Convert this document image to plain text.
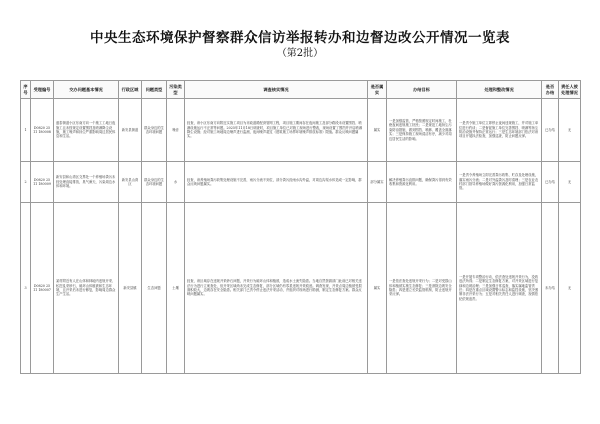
中央生态环境保护督察群众信访举报转办和边督边改公开情况一览表
（第2批）
序号	受理编号	交办问题基本情况	行政区域	问题类型	污染类型	调查核实情况	是否属实	办结目标	处理和整改情况	是否办结	责任人被处理情况
1	D0820 2511 180008	盛泰街道小区东南方向一个施工工地日夜施工且未按规定设置围挡及喷淋降尘设施，施工噪声和扬尘严重影响周边居民休息和生活。	新安县街道	群众身边的生态环境问题	噪音	经查，该小区东南方向附近实施工项目为市政道路配套管网工程，项目施工期间存在夜间施工及部分路段未设置围挡、喷淋设施运行不正常等问题。2025年11月18日调查时，项目施工单位已对施工现场进行整改，现场设置了围挡并开启喷淋降尘设施；经对施工场地周边噪声进行监测，夜间噪声超过《建筑施工场界环境噪声排放标准》限值。群众反映问题属实。	属实	一是加强监管，严格按照规定时间施工，杜绝夜间违规施工扰民；二是规范工地扬尘污染防治措施，做到围挡、喷淋、覆盖全面落实；三是保持施工现场清洁有序，减少对周边居民生活的影响。	一是责令施工单位立即停止夜间违规施工，并对施工单位进行约谈；二是督促施工单位完善围挡、喷淋等扬尘防治设施并保持正常运行；三是生态环境部门依法对该项目开展执法检查，加强巡查，防止问题反弹。	已办结	无
2	D0820 2511 180009	新安县和山湾区交界处一个养殖场粪污未经处理直接排放，臭气熏天，污染周边水体和环境。	新安县山湾区	群众身边的生态环境问题	水	经查，该养殖场粪污收集处理设施不完善，雨污分流不到位，部分粪污经雨水沟外溢，对周边沟渠水体造成一定影响，群众反映问题属实。	部分属实	解决养殖粪污直排问题，确保粪污得到有效收集和资源化利用。	一是责令养殖场立即完善粪污收集、贮存及处理设施，落实雨污分流；二是对外溢粪污及时清理；三是农业农村部门指导养殖场做好粪污资源化利用，加强日常监管。	已办结	无
3	D0820 2511 180007	某村附近有人在山体和林地内违规开采、私挖乱采砂石，破坏山体植被和生态环境，且开采后未进行修复，影响周边群众生产生活。	新安县镇	生态问题	土壤	经查，该区域存在违规开采砂石问题，开采行为破坏山体和植被，造成水土流失隐患。当地自然资源部门此前已对相关违法行为进行立案查处，但开采区域尚未完成生态修复，部分区域仍有零星违规开采痕迹。调查发现，开采点周边植被受损面积较大，边坡存在安全隐患。相关部门已责令停止违法开采活动，并组织对现场进行勘测，制定生态修复方案。群众反映问题属实。	属实	一是依法查处违规开采行为；二是对受损山体和植被实施生态修复；三是消除边坡安全隐患；四是建立长效监管机制，防止违规开采反弹。	一是开展专项整治行动，依法查处违规开采行为，没收违法所得；二是制定生态修复方案，对开采区域进行复绿和边坡治理；三是加强日常巡查，落实属地监管责任；四是在重点区域设置警示标志和监控设施，坚决遏制非法开采行为；五是对相关责任人进行调查，视情依纪依规追责。	未办结	无
